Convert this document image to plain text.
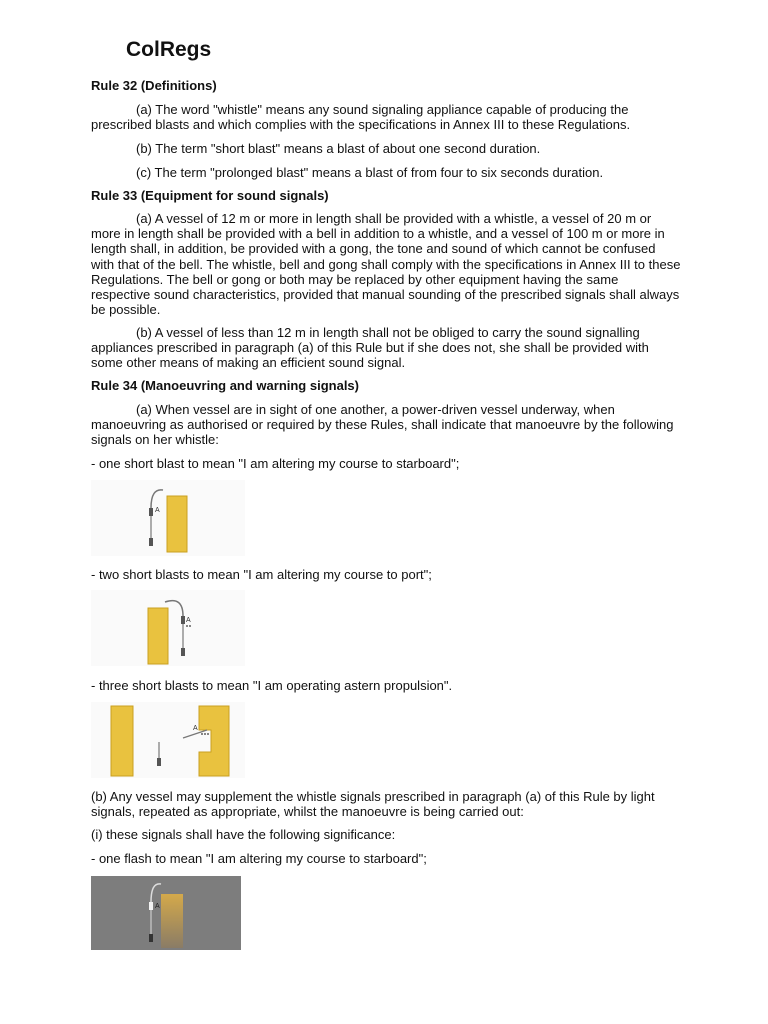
ColRegs
Rule 32 (Definitions)
(a) The word "whistle" means any sound signaling appliance capable of producing the prescribed blasts and which complies with the specifications in Annex III to these Regulations.
(b) The term "short blast" means a blast of about one second duration.
(c) The term "prolonged blast" means a blast of from four to six seconds duration.
Rule 33 (Equipment for sound signals)
(a) A vessel of 12 m or more in length shall be provided with a whistle, a vessel of 20 m or more in length shall be provided with a bell in addition to a whistle, and a vessel of 100 m or more in length shall, in addition, be provided with a gong, the tone and sound of which cannot be confused with that of the bell. The whistle, bell and gong shall comply with the specifications in Annex III to these Regulations. The bell or gong or both may be replaced by other equipment having the same respective sound characteristics, provided that manual sounding of the prescribed signals shall always be possible.
(b) A vessel of less than 12 m in length shall not be obliged to carry the sound signalling appliances prescribed in paragraph (a) of this Rule but if she does not, she shall be provided with some other means of making an efficient sound signal.
Rule 34 (Manoeuvring and warning signals)
(a) When vessel are in sight of one another, a power-driven vessel underway, when manoeuvring as authorised or required by these Rules, shall indicate that manoeuvre by the following signals on her whistle:
- one short blast to mean "I am altering my course to starboard";
A
- two short blasts to mean "I am altering my course to port";
A
- three short blasts to mean "I am operating astern propulsion".
A
(b) Any vessel may supplement the whistle signals prescribed in paragraph (a) of this Rule by light signals, repeated as appropriate, whilst the manoeuvre is being carried out:
(i) these signals shall have the following significance:
- one flash to mean "I am altering my course to starboard";
A
